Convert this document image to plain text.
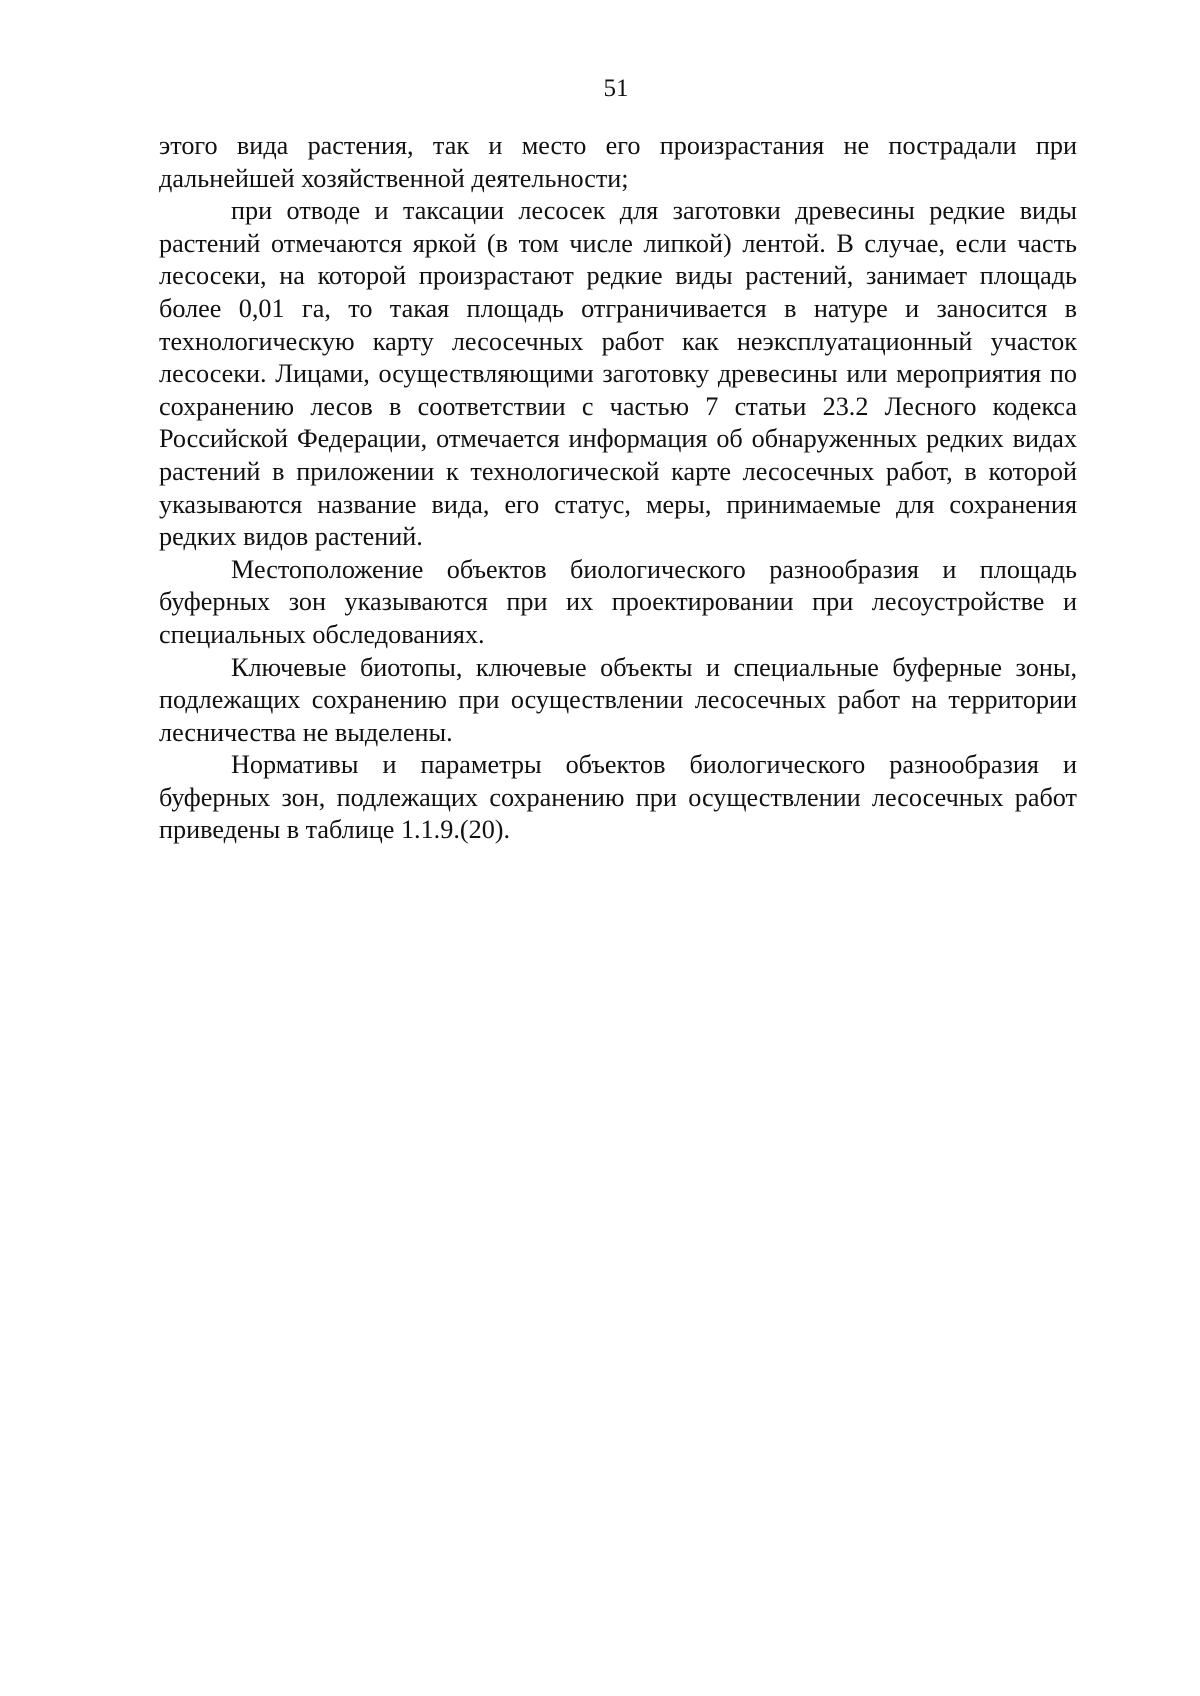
51

этого вида растения, так и место его произрастания не пострадали при дальнейшей хозяйственной деятельности;

при отводе и таксации лесосек для заготовки древесины редкие виды растений отмечаются яркой (в том числе липкой) лентой. В случае, если часть лесосеки, на которой произрастают редкие виды растений, занимает площадь более 0,01 га, то такая площадь отграничивается в натуре и заносится в технологическую карту лесосечных работ как неэксплуатационный участок лесосеки. Лицами, осуществляющими заготовку древесины или мероприятия по сохранению лесов в соответствии с частью 7 статьи 23.2 Лесного кодекса Российской Федерации, отмечается информация об обнаруженных редких видах растений в приложении к технологической карте лесосечных работ, в которой указываются название вида, его статус, меры, принимаемые для сохранения редких видов растений.

Местоположение объектов биологического разнообразия и площадь буферных зон указываются при их проектировании при лесоустройстве и специальных обследованиях.

Ключевые биотопы, ключевые объекты и специальные буферные зоны, подлежащих сохранению при осуществлении лесосечных работ на территории лесничества не выделены.

Нормативы и параметры объектов биологического разнообразия и буферных зон, подлежащих сохранению при осуществлении лесосечных работ приведены в таблице 1.1.9.(20).
